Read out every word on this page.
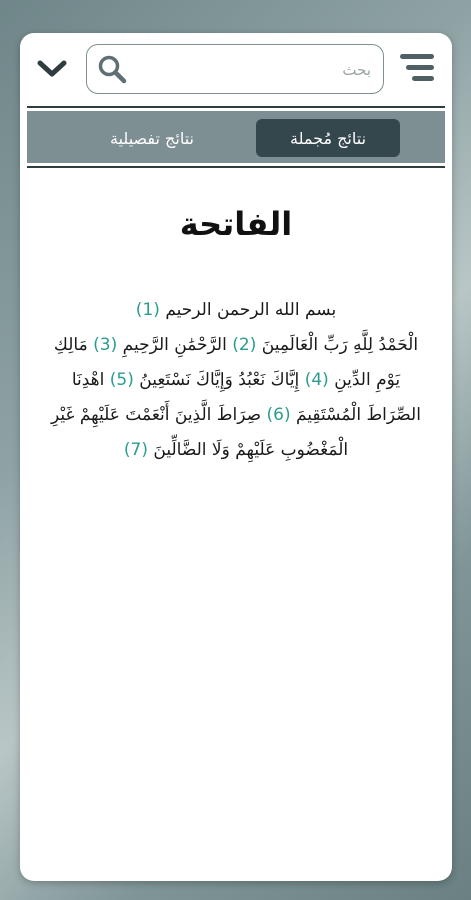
بحث
نتائج مُجملة
نتائج تفصيلية
الفاتحة
بسم الله الرحمن الرحيم (1)
الْحَمْدُ لِلَّهِ رَبِّ الْعَالَمِينَ (2) الرَّحْمَٰنِ الرَّحِيمِ (3) مَالِكِ يَوْمِ الدِّينِ (4) إِيَّاكَ نَعْبُدُ وَإِيَّاكَ نَسْتَعِينُ (5) اهْدِنَا الصِّرَاطَ الْمُسْتَقِيمَ (6) صِرَاطَ الَّذِينَ أَنْعَمْتَ عَلَيْهِمْ غَيْرِ الْمَغْضُوبِ عَلَيْهِمْ وَلَا الضَّالِّينَ (7)
